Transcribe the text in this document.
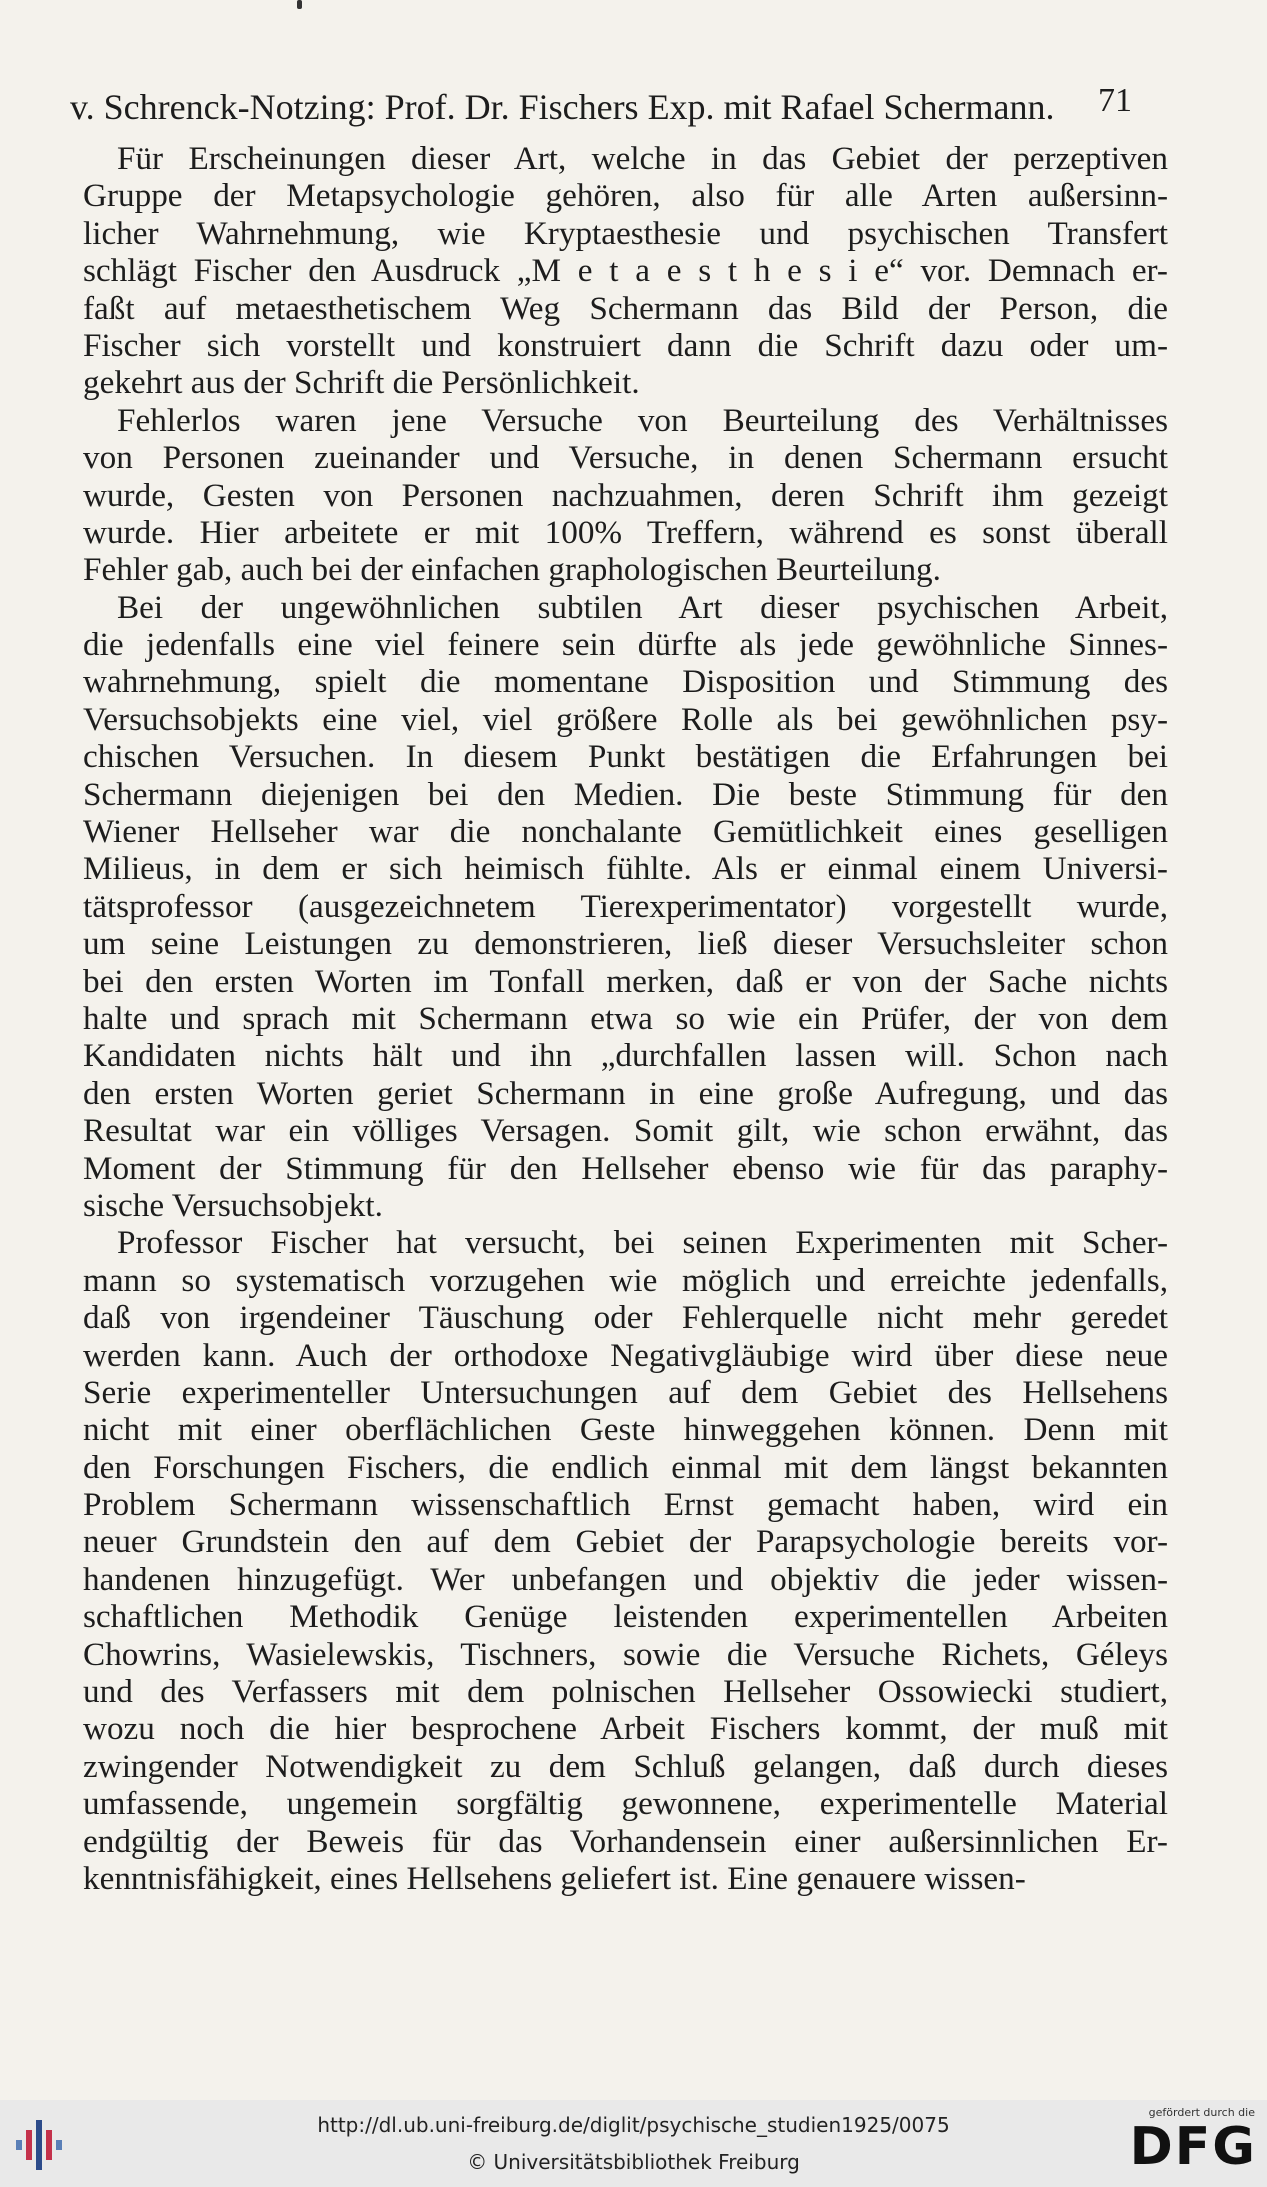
v. Schrenck-Notzing: Prof. Dr. Fischers Exp. mit Rafael Schermann. 71
Für Erscheinungen dieser Art, welche in das Gebiet der perzeptiven
Gruppe der Metapsychologie gehören, also für alle Arten außersinn-
licher Wahrnehmung, wie Kryptaesthesie und psychischen Transfert
schlägt Fischer den Ausdruck „M e t a e s t h e s i e“ vor. Demnach er-
faßt auf metaesthetischem Weg Schermann das Bild der Person, die
Fischer sich vorstellt und konstruiert dann die Schrift dazu oder um-
gekehrt aus der Schrift die Persönlichkeit.
Fehlerlos waren jene Versuche von Beurteilung des Verhältnisses
von Personen zueinander und Versuche, in denen Schermann ersucht
wurde, Gesten von Personen nachzuahmen, deren Schrift ihm gezeigt
wurde. Hier arbeitete er mit 100% Treffern, während es sonst überall
Fehler gab, auch bei der einfachen graphologischen Beurteilung.
Bei der ungewöhnlichen subtilen Art dieser psychischen Arbeit,
die jedenfalls eine viel feinere sein dürfte als jede gewöhnliche Sinnes-
wahrnehmung, spielt die momentane Disposition und Stimmung des
Versuchsobjekts eine viel, viel größere Rolle als bei gewöhnlichen psy-
chischen Versuchen. In diesem Punkt bestätigen die Erfahrungen bei
Schermann diejenigen bei den Medien. Die beste Stimmung für den
Wiener Hellseher war die nonchalante Gemütlichkeit eines geselligen
Milieus, in dem er sich heimisch fühlte. Als er einmal einem Universi-
tätsprofessor (ausgezeichnetem Tierexperimentator) vorgestellt wurde,
um seine Leistungen zu demonstrieren, ließ dieser Versuchsleiter schon
bei den ersten Worten im Tonfall merken, daß er von der Sache nichts
halte und sprach mit Schermann etwa so wie ein Prüfer, der von dem
Kandidaten nichts hält und ihn „durchfallen lassen will. Schon nach
den ersten Worten geriet Schermann in eine große Aufregung, und das
Resultat war ein völliges Versagen. Somit gilt, wie schon erwähnt, das
Moment der Stimmung für den Hellseher ebenso wie für das paraphy-
sische Versuchsobjekt.
Professor Fischer hat versucht, bei seinen Experimenten mit Scher-
mann so systematisch vorzugehen wie möglich und erreichte jedenfalls,
daß von irgendeiner Täuschung oder Fehlerquelle nicht mehr geredet
werden kann. Auch der orthodoxe Negativgläubige wird über diese neue
Serie experimenteller Untersuchungen auf dem Gebiet des Hellsehens
nicht mit einer oberflächlichen Geste hinweggehen können. Denn mit
den Forschungen Fischers, die endlich einmal mit dem längst bekannten
Problem Schermann wissenschaftlich Ernst gemacht haben, wird ein
neuer Grundstein den auf dem Gebiet der Parapsychologie bereits vor-
handenen hinzugefügt. Wer unbefangen und objektiv die jeder wissen-
schaftlichen Methodik Genüge leistenden experimentellen Arbeiten
Chowrins, Wasielewskis, Tischners, sowie die Versuche Richets, Géleys
und des Verfassers mit dem polnischen Hellseher Ossowiecki studiert,
wozu noch die hier besprochene Arbeit Fischers kommt, der muß mit
zwingender Notwendigkeit zu dem Schluß gelangen, daß durch dieses
umfassende, ungemein sorgfältig gewonnene, experimentelle Material
endgültig der Beweis für das Vorhandensein einer außersinnlichen Er-
kenntnisfähigkeit, eines Hellsehens geliefert ist. Eine genauere wissen-
http://dl.ub.uni-freiburg.de/diglit/psychische_studien1925/0075
© Universitätsbibliothek Freiburg
gefördert durch die
DFG
